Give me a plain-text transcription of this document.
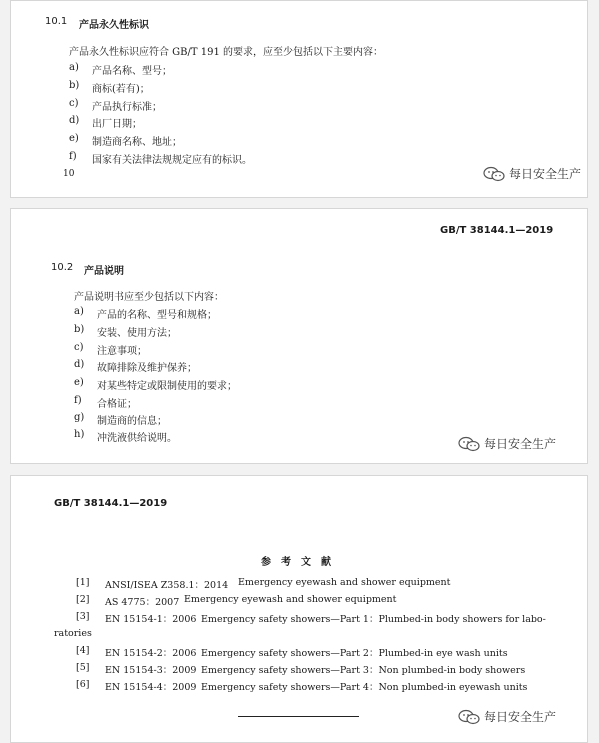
10.1 产品永久性标识
产品永久性标识应符合 GB/T 191 的要求，应至少包括以下主要内容：
a) 产品名称、型号；
b) 商标(若有)；
c) 产品执行标准；
d) 出厂日期；
e) 制造商名称、地址；
f) 国家有关法律法规规定应有的标识。
10	每日安全生产
GB/T 38144.1—2019
10.2 产品说明
产品说明书应至少包括以下内容：
a) 产品的名称、型号和规格；
b) 安装、使用方法；
c) 注意事项；
d) 故障排除及维护保养；
e) 对某些特定或限制使用的要求；
f) 合格证；
g) 制造商的信息；
h) 冲洗液供给说明。	每日安全生产
GB/T 38144.1—2019
参考文献
[1] ANSI/ISEA Z358.1：2014 Emergency eyewash and shower equipment
[2] AS 4775：2007 Emergency eyewash and shower equipment
[3] EN 15154-1：2006 Emergency safety showers—Part 1：Plumbed-in body showers for labo-
ratories
[4] EN 15154-2：2006 Emergency safety showers—Part 2：Plumbed-in eye wash units
[5] EN 15154-3：2009 Emergency safety showers—Part 3：Non plumbed-in body showers
[6] EN 15154-4：2009 Emergency safety showers—Part 4：Non plumbed-in eyewash units
每日安全生产
